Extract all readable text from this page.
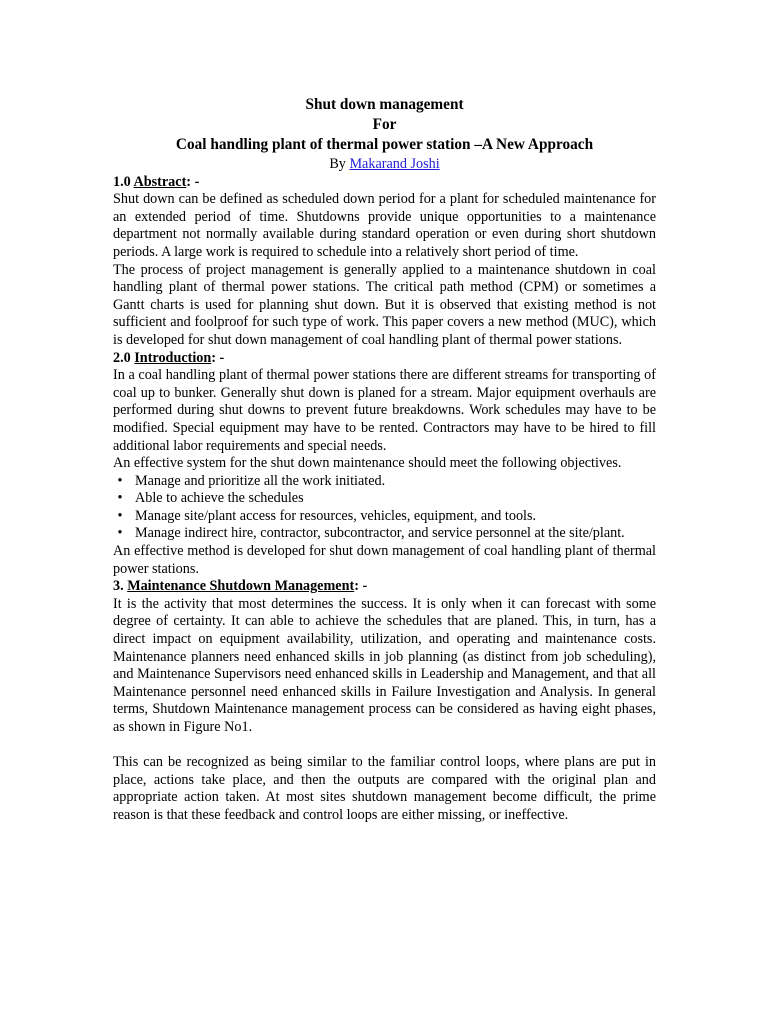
Shut down management
For
Coal handling plant of thermal power station –A New Approach
By Makarand Joshi
1.0 Abstract: -

Shut down can be defined as scheduled down period for a plant for scheduled maintenance for an extended period of time. Shutdowns provide unique opportunities to a maintenance department not normally available during standard operation or even during short shutdown periods. A large work is required to schedule into a relatively short period of time.

The process of project management is generally applied to a maintenance shutdown in coal handling plant of thermal power stations. The critical path method (CPM) or sometimes a Gantt charts is used for planning shut down. But it is observed that existing method is not sufficient and foolproof for such type of work. This paper covers a new method (MUC), which is developed for shut down management of coal handling plant of thermal power stations.

2.0 Introduction: -

In a coal handling plant of thermal power stations there are different streams for transporting of coal up to bunker. Generally shut down is planed for a stream. Major equipment overhauls are performed during shut downs to prevent future breakdowns. Work schedules may have to be modified. Special equipment may have to be rented. Contractors may have to be hired to fill additional labor requirements and special needs.

An effective system for the shut down maintenance should meet the following objectives.

• Manage and prioritize all the work initiated.
• Able to achieve the schedules
• Manage site/plant access for resources, vehicles, equipment, and tools.
• Manage indirect hire, contractor, subcontractor, and service personnel at the site/plant.

An effective method is developed for shut down management of coal handling plant of thermal power stations.

3. Maintenance Shutdown Management: -

It is the activity that most determines the success. It is only when it can forecast with some degree of certainty. It can able to achieve the schedules that are planed. This, in turn, has a direct impact on equipment availability, utilization, and operating and maintenance costs. Maintenance planners need enhanced skills in job planning (as distinct from job scheduling), and Maintenance Supervisors need enhanced skills in Leadership and Management, and that all Maintenance personnel need enhanced skills in Failure Investigation and Analysis. In general terms, Shutdown Maintenance management process can be considered as having eight phases, as shown in Figure No1.

This can be recognized as being similar to the familiar control loops, where plans are put in place, actions take place, and then the outputs are compared with the original plan and appropriate action taken. At most sites shutdown management become difficult, the prime reason is that these feedback and control loops are either missing, or ineffective.
